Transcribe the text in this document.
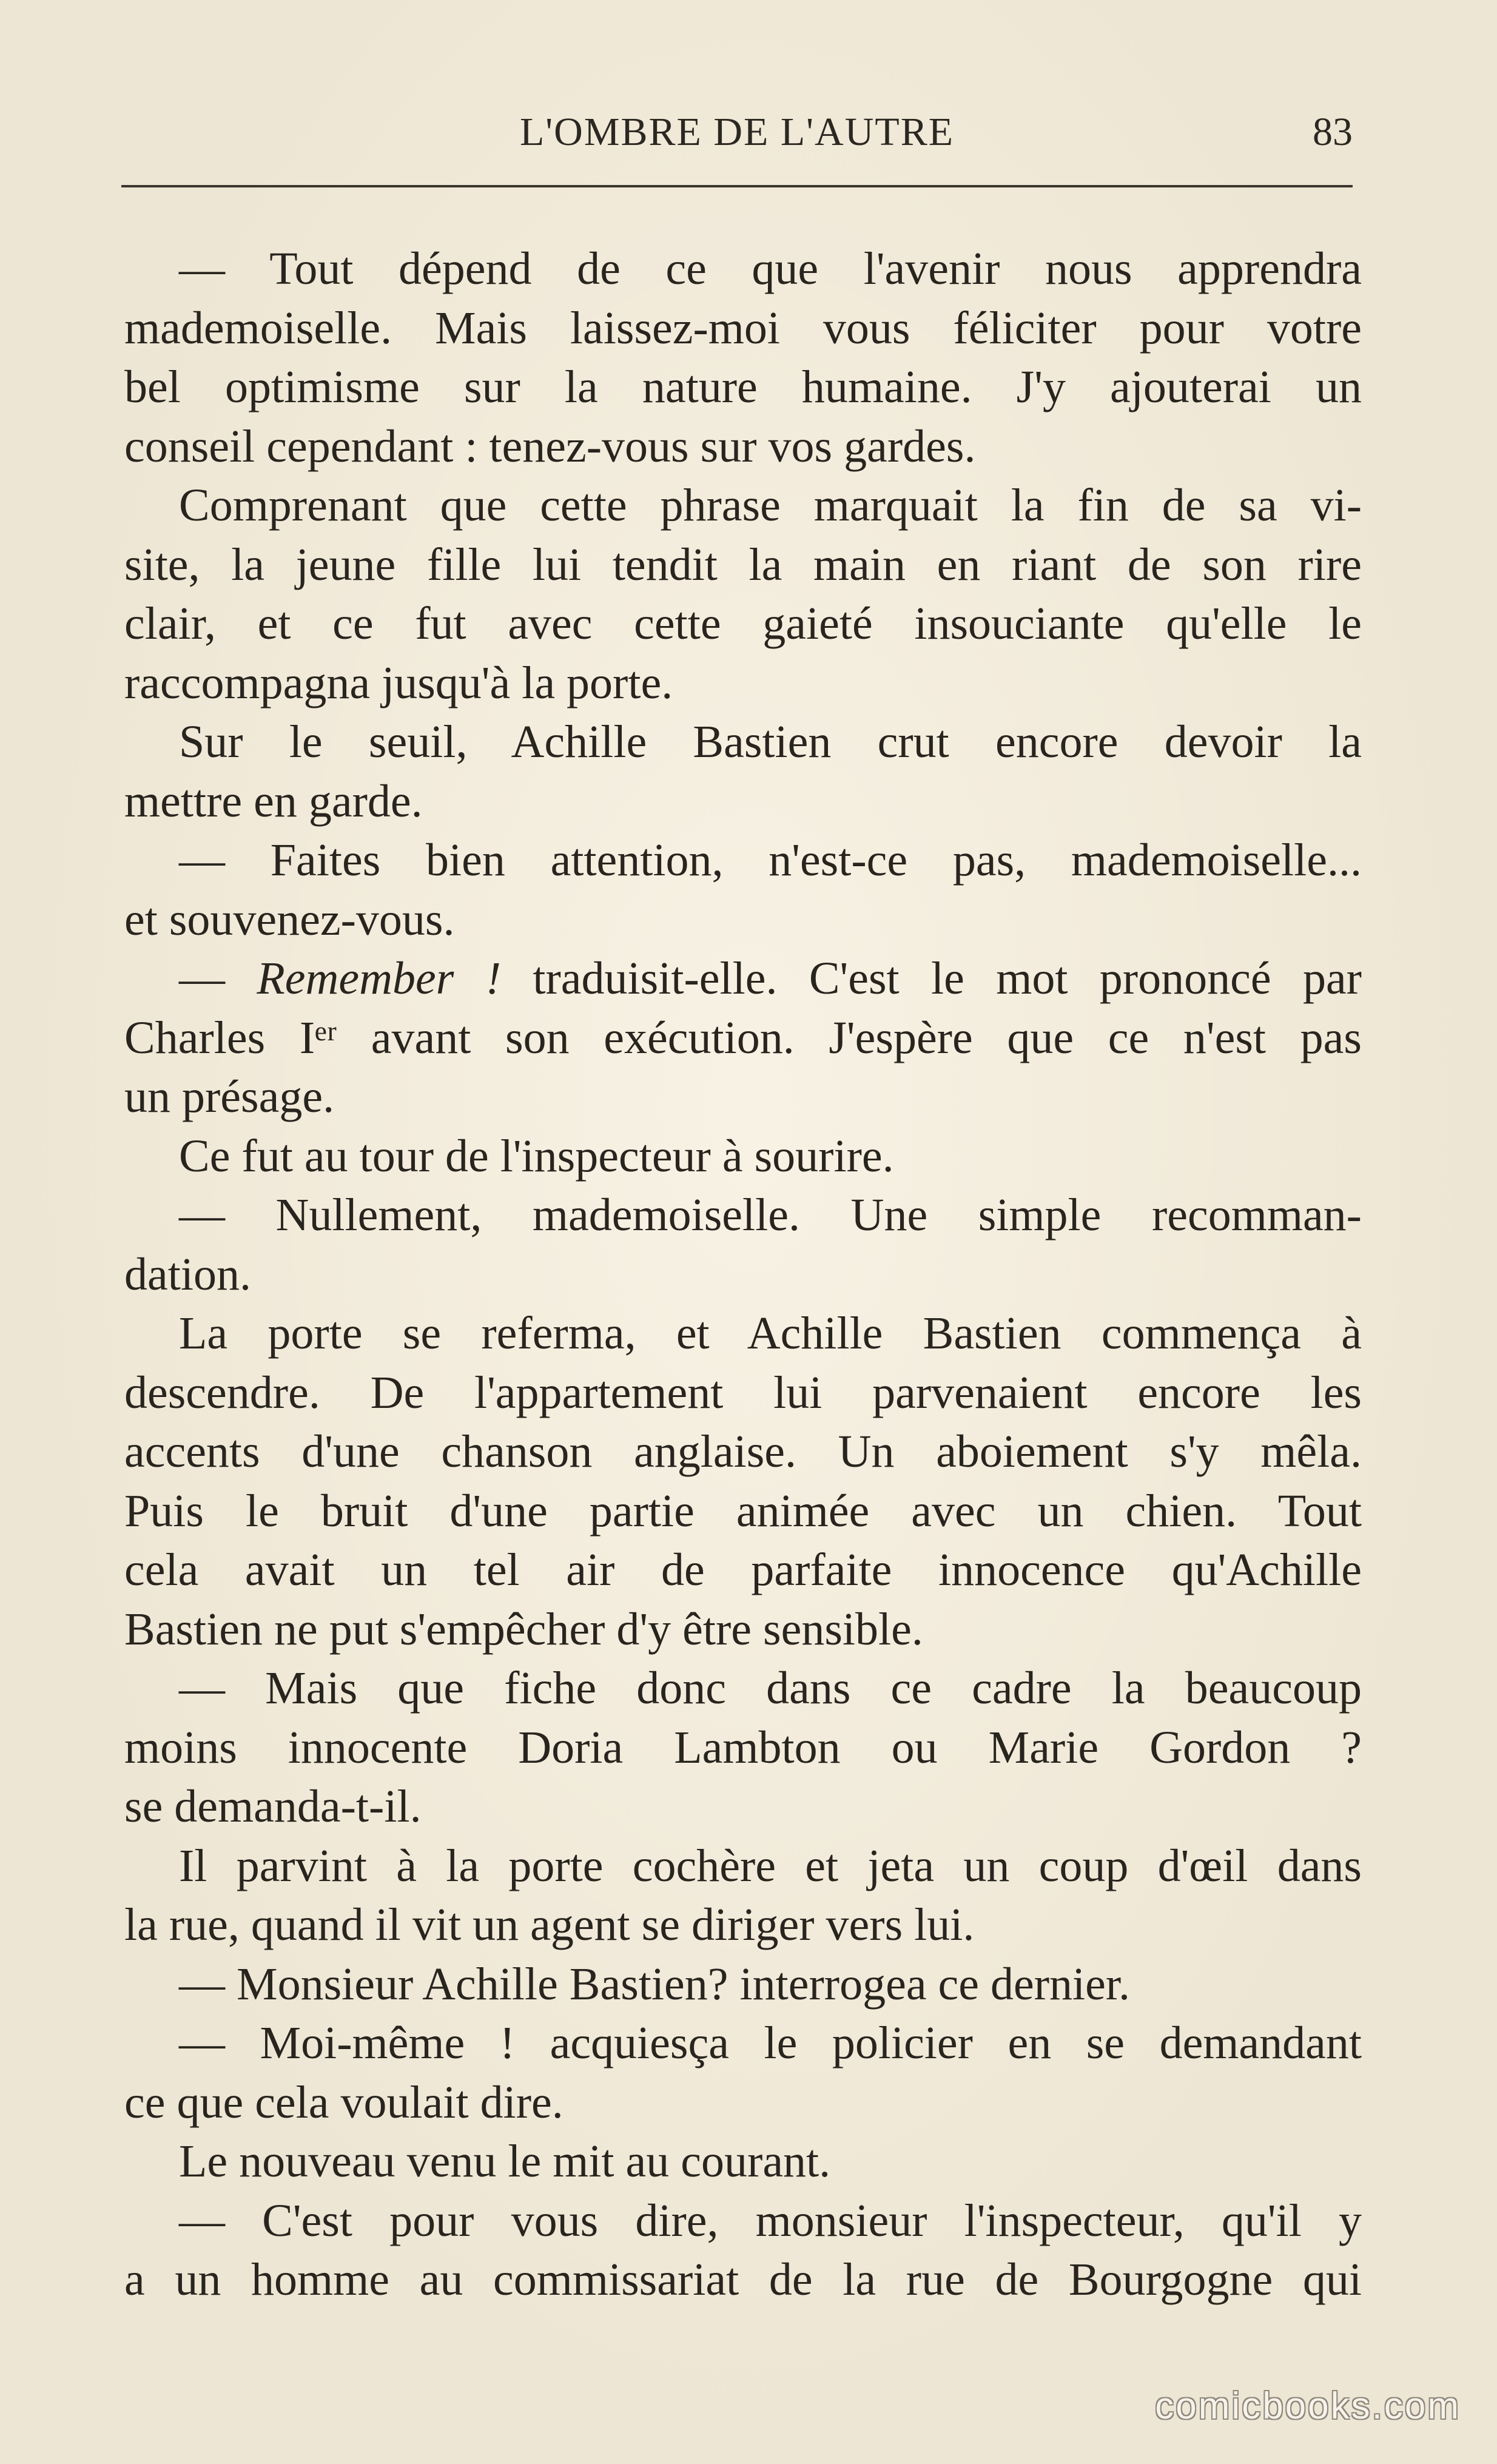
L'OMBRE DE L'AUTRE	83
— Tout dépend de ce que l'avenir nous apprendra
mademoiselle. Mais laissez-moi vous féliciter pour votre
bel optimisme sur la nature humaine. J'y ajouterai un
conseil cependant : tenez-vous sur vos gardes.
Comprenant que cette phrase marquait la fin de sa vi-
site, la jeune fille lui tendit la main en riant de son rire
clair, et ce fut avec cette gaieté insouciante qu'elle le
raccompagna jusqu'à la porte.
Sur le seuil, Achille Bastien crut encore devoir la
mettre en garde.
— Faites bien attention, n'est-ce pas, mademoiselle...
et souvenez-vous.
— Remember ! traduisit-elle. C'est le mot prononcé par
Charles Iᵉʳ avant son exécution. J'espère que ce n'est pas
un présage.
Ce fut au tour de l'inspecteur à sourire.
— Nullement, mademoiselle. Une simple recomman-
dation.
La porte se referma, et Achille Bastien commença à
descendre. De l'appartement lui parvenaient encore les
accents d'une chanson anglaise. Un aboiement s'y mêla.
Puis le bruit d'une partie animée avec un chien. Tout
cela avait un tel air de parfaite innocence qu'Achille
Bastien ne put s'empêcher d'y être sensible.
— Mais que fiche donc dans ce cadre la beaucoup
moins innocente Doria Lambton ou Marie Gordon ?
se demanda-t-il.
Il parvint à la porte cochère et jeta un coup d'œil dans
la rue, quand il vit un agent se diriger vers lui.
— Monsieur Achille Bastien? interrogea ce dernier.
— Moi-même ! acquiesça le policier en se demandant
ce que cela voulait dire.
Le nouveau venu le mit au courant.
— C'est pour vous dire, monsieur l'inspecteur, qu'il y
a un homme au commissariat de la rue de Bourgogne qui
comicbooks.com
